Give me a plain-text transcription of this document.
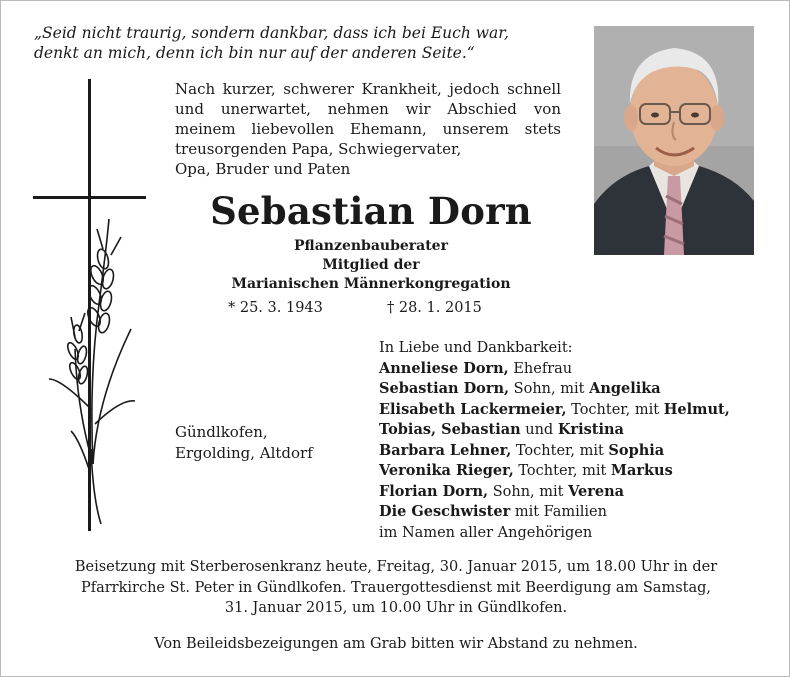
„Seid nicht traurig, sondern dankbar, dass ich bei Euch war,
denkt an mich, denn ich bin nur auf der anderen Seite.“
Nach kurzer, schwerer Krankheit, jedoch schnell und unerwartet, nehmen wir Abschied von meinem liebevollen Ehemann, unserem stets treusorgenden Papa, Schwiegervater,
Opa, Bruder und Paten
Sebastian Dorn
Pflanzenbauberater
Mitglied der
Marianischen Männerkongregation
* 25. 3. 1943	† 28. 1. 2015
Gündlkofen,
Ergolding, Altdorf
In Liebe und Dankbarkeit:
Anneliese Dorn, Ehefrau
Sebastian Dorn, Sohn, mit Angelika
Elisabeth Lackermeier, Tochter, mit Helmut,
Tobias, Sebastian und Kristina
Barbara Lehner, Tochter, mit Sophia
Veronika Rieger, Tochter, mit Markus
Florian Dorn, Sohn, mit Verena
Die Geschwister mit Familien
im Namen aller Angehörigen
Beisetzung mit Sterberosenkranz heute, Freitag, 30. Januar 2015, um 18.00 Uhr in der
Pfarrkirche St. Peter in Gündlkofen. Trauergottesdienst mit Beerdigung am Samstag,
31. Januar 2015, um 10.00 Uhr in Gündlkofen.
Von Beileidsbezeigungen am Grab bitten wir Abstand zu nehmen.
